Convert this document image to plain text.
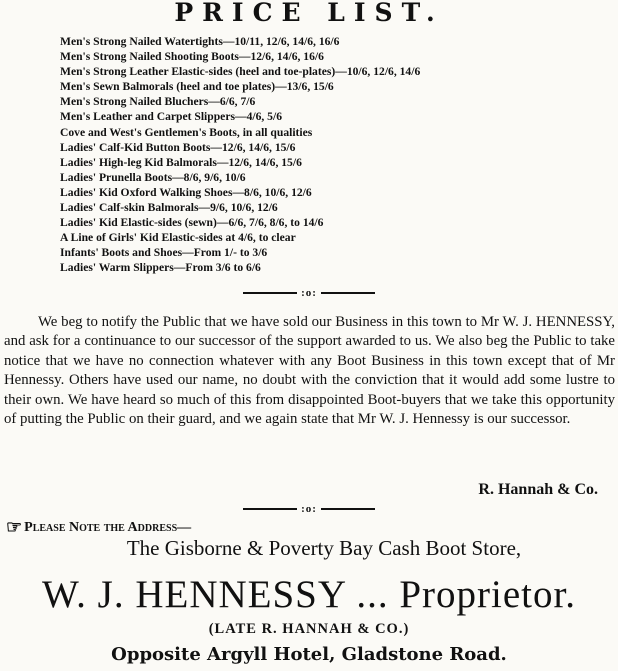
PRICE LIST.
Men's Strong Nailed Watertights—10/11, 12/6, 14/6, 16/6
Men's Strong Nailed Shooting Boots—12/6, 14/6, 16/6
Men's Strong Leather Elastic-sides (heel and toe-plates)—10/6, 12/6, 14/6
Men's Sewn Balmorals (heel and toe plates)—13/6, 15/6
Men's Strong Nailed Bluchers—6/6, 7/6
Men's Leather and Carpet Slippers—4/6, 5/6
Cove and West's Gentlemen's Boots, in all qualities
Ladies' Calf-Kid Button Boots—12/6, 14/6, 15/6
Ladies' High-leg Kid Balmorals—12/6, 14/6, 15/6
Ladies' Prunella Boots—8/6, 9/6, 10/6
Ladies' Kid Oxford Walking Shoes—8/6, 10/6, 12/6
Ladies' Calf-skin Balmorals—9/6, 10/6, 12/6
Ladies' Kid Elastic-sides (sewn)—6/6, 7/6, 8/6, to 14/6
A Line of Girls' Kid Elastic-sides at 4/6, to clear
Infants' Boots and Shoes—From 1/- to 3/6
Ladies' Warm Slippers—From 3/6 to 6/6
:o:

We beg to notify the Public that we have sold our Business in this town to Mr W. J. HENNESSY, and ask for a continuance to our successor of the support awarded to us. We also beg the Public to take notice that we have no connection whatever with any Boot Business in this town except that of Mr Hennessy. Others have used our name, no doubt with the conviction that it would add some lustre to their own. We have heard so much of this from disappointed Boot-buyers that we take this opportunity of putting the Public on their guard, and we again state that Mr W. J. Hennessy is our successor.

R. Hannah & Co.
:o:
☞ Please Note the Address—
The Gisborne & Poverty Bay Cash Boot Store,
W. J. HENNESSY ... Proprietor.
(LATE R. HANNAH & CO.)
Opposite Argyll Hotel, Gladstone Road.
